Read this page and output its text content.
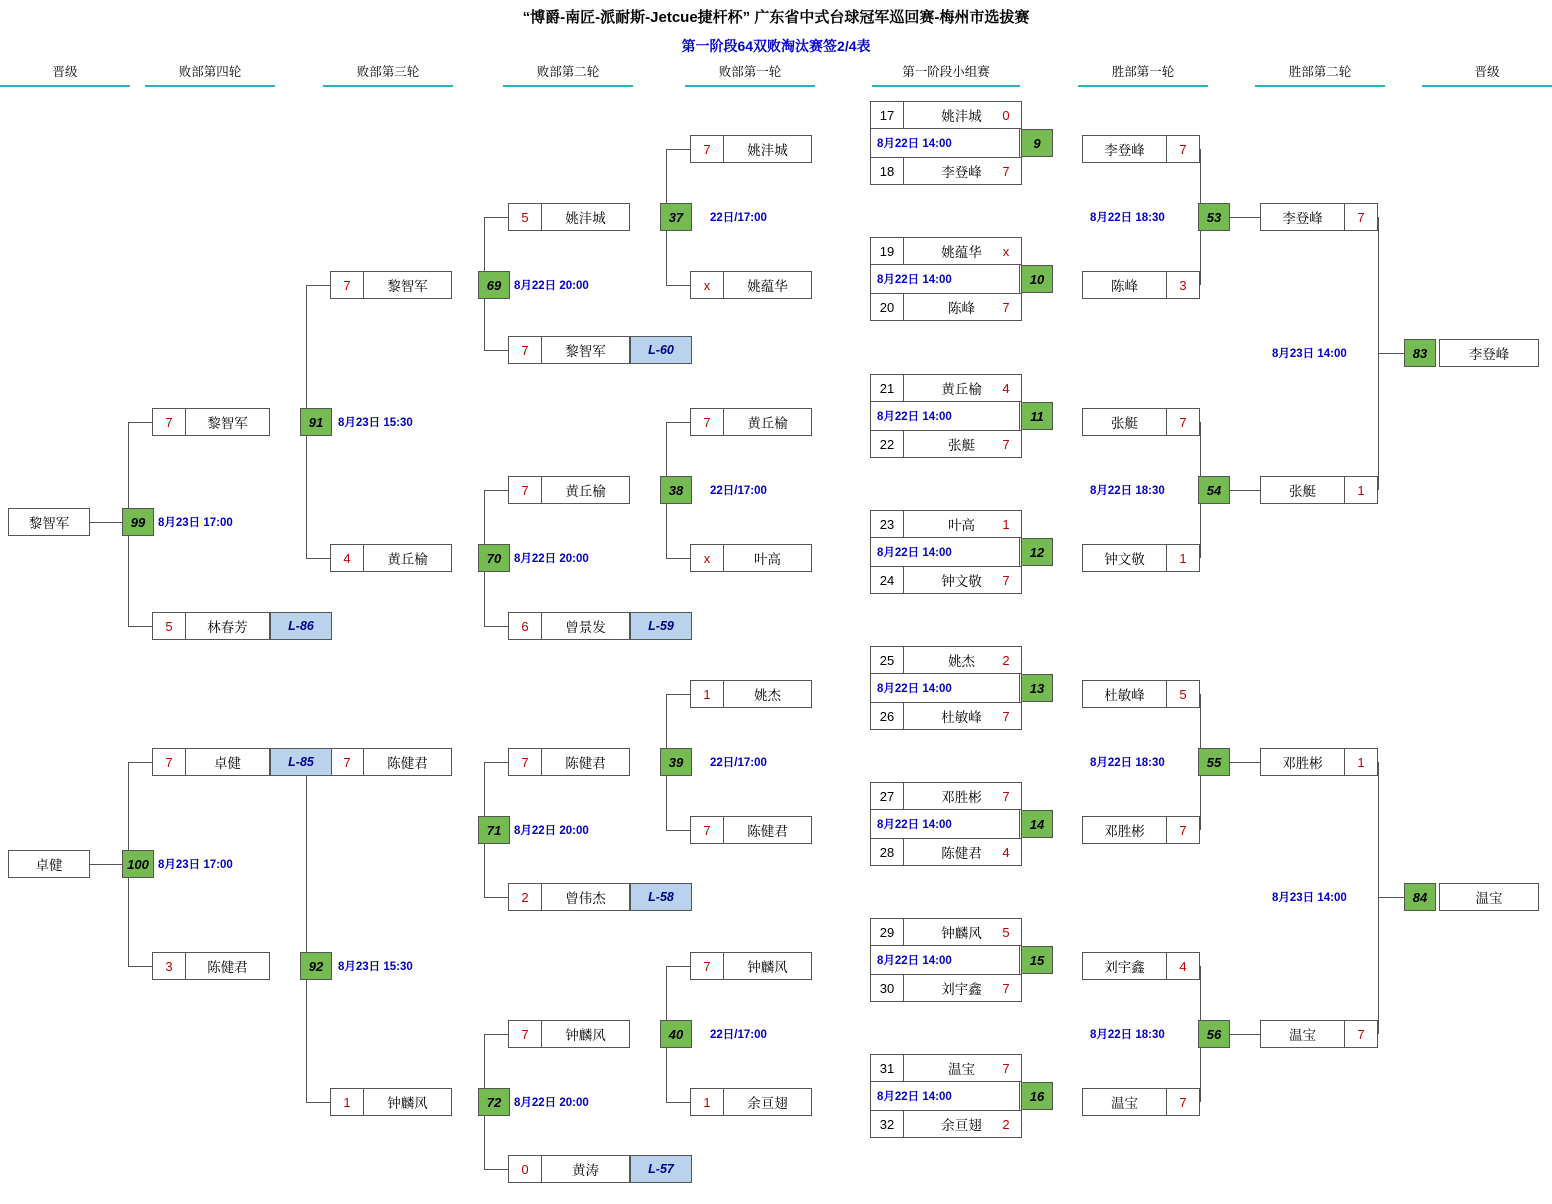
“博爵-南匠-派耐斯-Jetcue捷杆杯” 广东省中式台球冠军巡回赛-梅州市选拔赛
第一阶段64双败淘汰赛签2/4表
晋级	败部第四轮	败部第三轮	败部第二轮	败部第一轮	第一阶段小组赛	胜部第一轮	胜部第二轮	晋级
17	姚沣城	0
8月22日 14:00	9
18	李登峰	7
19	姚蕴华	x
8月22日 14:00	10
20	陈峰	7
21	黄丘榆	4
8月22日 14:00	11
22	张艇	7
23	叶高	1
8月22日 14:00	12
24	钟文敬	7
25	姚杰	2
8月22日 14:00	13
26	杜敏峰	7
27	邓胜彬	7
8月22日 14:00	14
28	陈健君	4
29	钟麟风	5
8月22日 14:00	15
30	刘宇鑫	7
31	温宝	7
8月22日 14:00	16
32	余亘翅	2
李登峰	7
陈峰	3
张艇	7
钟文敬	1
杜敏峰	5
邓胜彬	7
刘宇鑫	4
温宝	7
53
8月22日 18:30	李登峰	7
54
8月22日 18:30	张艇	1
55
8月22日 18:30	邓胜彬	1
56
8月22日 18:30	温宝	7
83
8月23日 14:00	李登峰
84
8月23日 14:00	温宝
7	姚沣城
x	姚蕴华
7	黄丘榆
x	叶高
1	姚杰
7	陈健君
7	钟麟风
1	余亘翅
37	22日/17:00
38	22日/17:00
39	22日/17:00
40	22日/17:00
5	姚沣城
7	黎智军	L-60
7	黄丘榆
6	曾景发	L-59
7	陈健君
2	曾伟杰	L-58
7	钟麟风
0	黄涛	L-57
69	8月22日 20:00
70	8月22日 20:00
71	8月22日 20:00
72	8月22日 20:00
7	黎智军
4	黄丘榆
7	陈健君
1	钟麟风
91	8月23日 15:30
92	8月23日 15:30
7	黎智军
5	林春芳	L-86
7	卓健	L-85
3	陈健君
99	8月23日 17:00
黎智军
100 8月23日 17:00
卓健
